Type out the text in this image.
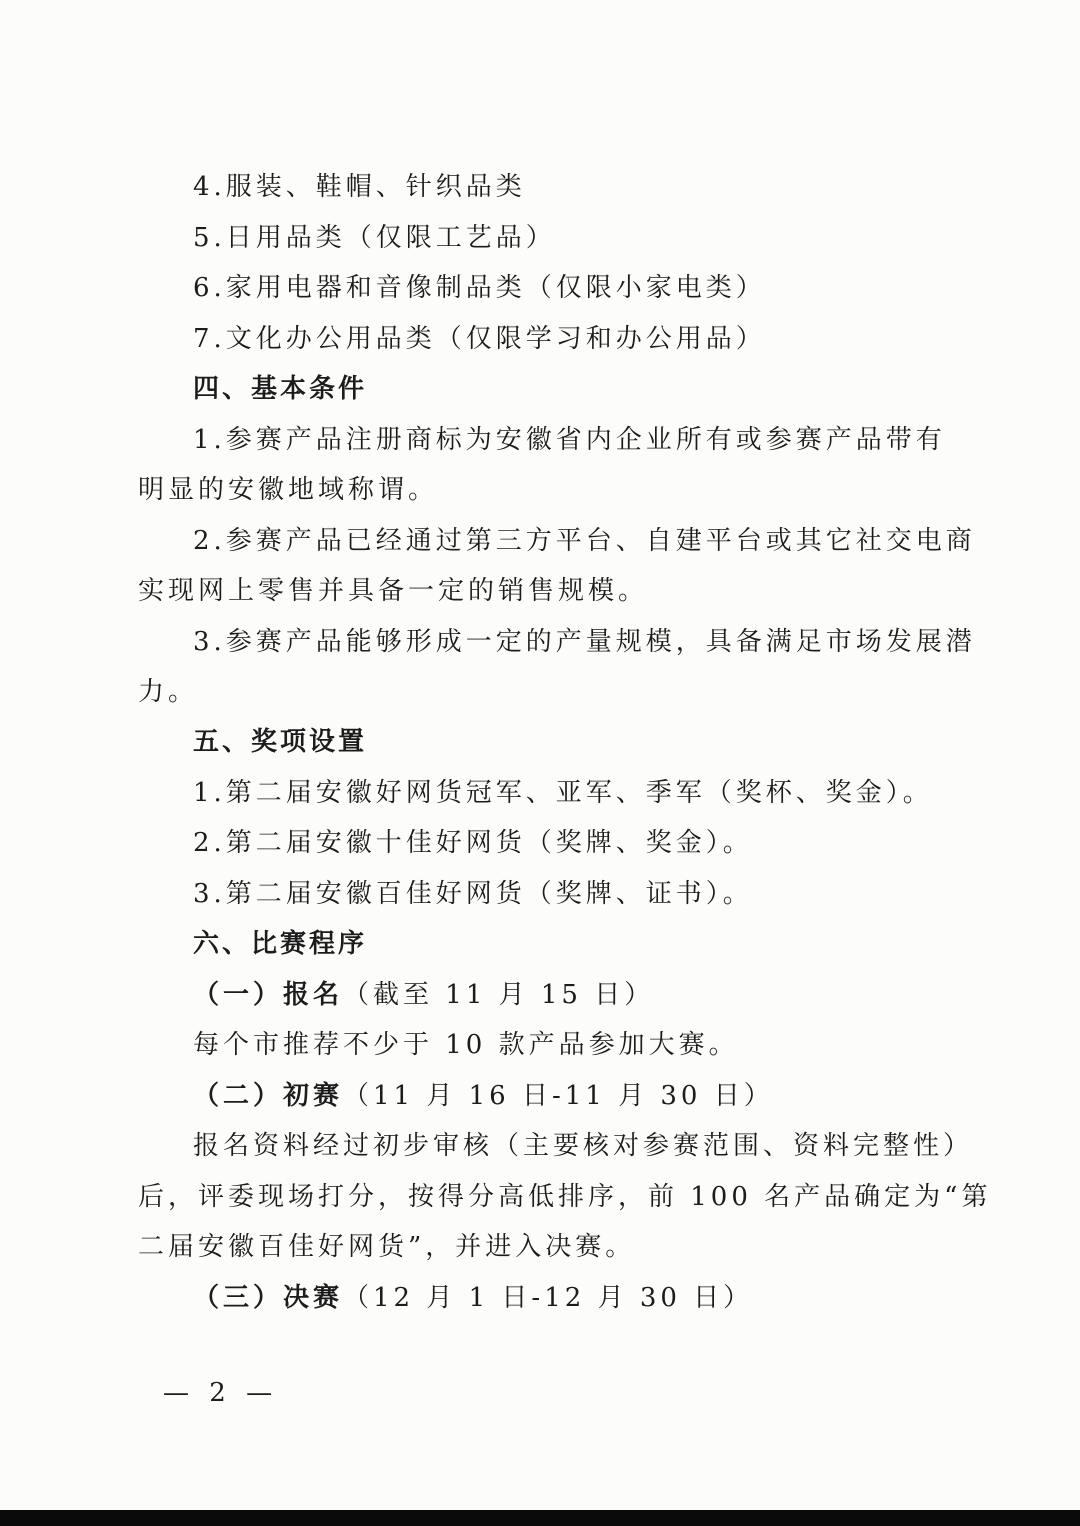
4.服装、鞋帽、针织品类
5.日用品类（仅限工艺品）
6.家用电器和音像制品类（仅限小家电类）
7.文化办公用品类（仅限学习和办公用品）
四、基本条件
1.参赛产品注册商标为安徽省内企业所有或参赛产品带有
明显的安徽地域称谓。
2.参赛产品已经通过第三方平台、自建平台或其它社交电商
实现网上零售并具备一定的销售规模。
3.参赛产品能够形成一定的产量规模，具备满足市场发展潜
力。
五、奖项设置
1.第二届安徽好网货冠军、亚军、季军（奖杯、奖金）。
2.第二届安徽十佳好网货（奖牌、奖金）。
3.第二届安徽百佳好网货（奖牌、证书）。
六、比赛程序
（一）报名（截至 11 月 15 日）
每个市推荐不少于 10 款产品参加大赛。
（二）初赛（11 月 16 日-11 月 30 日）
报名资料经过初步审核（主要核对参赛范围、资料完整性）
后，评委现场打分，按得分高低排序，前 100 名产品确定为“第
二届安徽百佳好网货”，并进入决赛。
（三）决赛（12 月 1 日-12 月 30 日）
— 2 —
